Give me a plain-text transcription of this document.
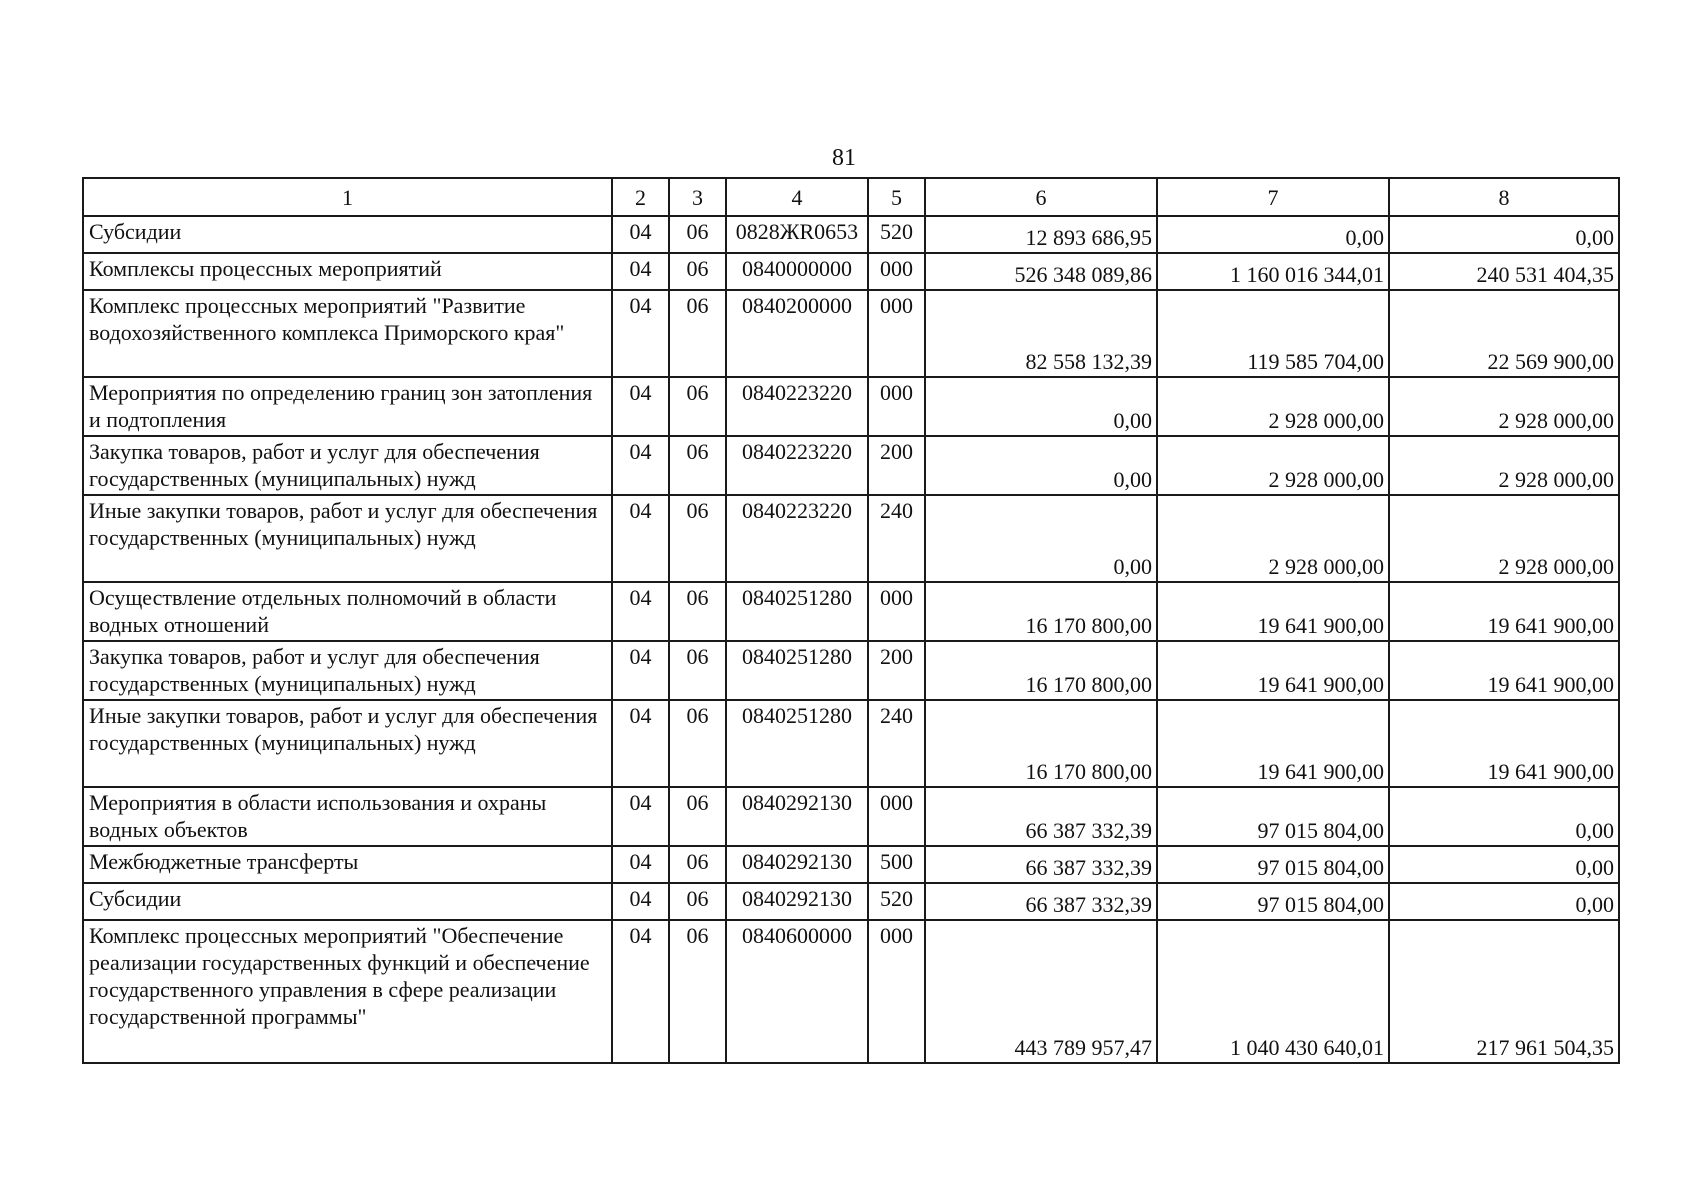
81
1	2	3	4	5	6	7	8
Субсидии	04	06	0828ЖR0653	520	12 893 686,95	0,00	0,00
Комплексы процессных мероприятий	04	06	0840000000	000	526 348 089,86	1 160 016 344,01	240 531 404,35
Комплекс процессных мероприятий "Развитие водохозяйственного комплекса Приморского края"	04	06	0840200000	000	82 558 132,39	119 585 704,00	22 569 900,00
Мероприятия по определению границ зон затопления и подтопления	04	06	0840223220	000	0,00	2 928 000,00	2 928 000,00
Закупка товаров, работ и услуг для обеспечения государственных (муниципальных) нужд	04	06	0840223220	200	0,00	2 928 000,00	2 928 000,00
Иные закупки товаров, работ и услуг для обеспечения государственных (муниципальных) нужд	04	06	0840223220	240	0,00	2 928 000,00	2 928 000,00
Осуществление отдельных полномочий в области водных отношений	04	06	0840251280	000	16 170 800,00	19 641 900,00	19 641 900,00
Закупка товаров, работ и услуг для обеспечения государственных (муниципальных) нужд	04	06	0840251280	200	16 170 800,00	19 641 900,00	19 641 900,00
Иные закупки товаров, работ и услуг для обеспечения государственных (муниципальных) нужд	04	06	0840251280	240	16 170 800,00	19 641 900,00	19 641 900,00
Мероприятия в области использования и охраны водных объектов	04	06	0840292130	000	66 387 332,39	97 015 804,00	0,00
Межбюджетные трансферты	04	06	0840292130	500	66 387 332,39	97 015 804,00	0,00
Субсидии	04	06	0840292130	520	66 387 332,39	97 015 804,00	0,00
Комплекс процессных мероприятий "Обеспечение реализации государственных функций и обеспечение государственного управления в сфере реализации государственной программы"	04	06	0840600000	000	443 789 957,47	1 040 430 640,01	217 961 504,35
